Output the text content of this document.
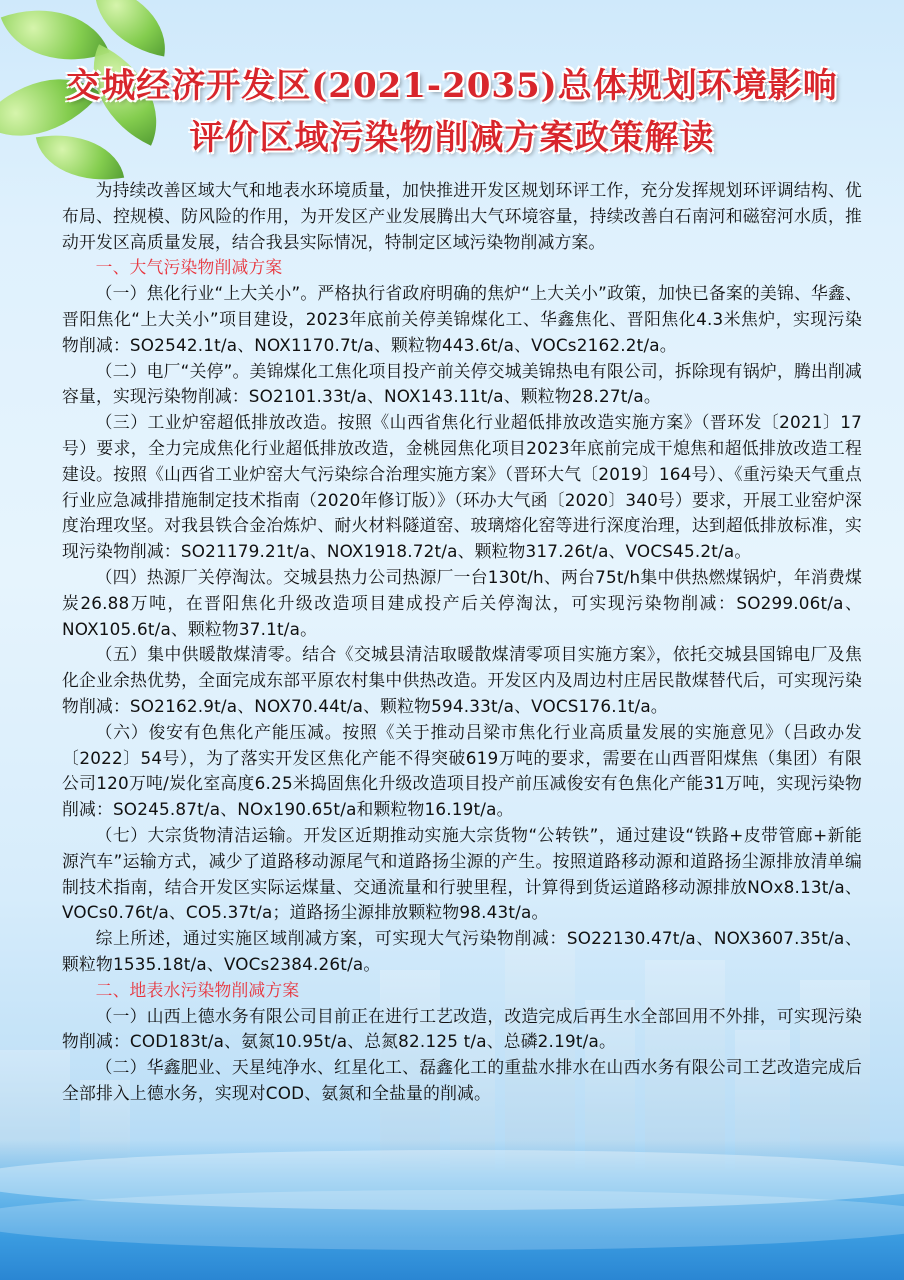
交城经济开发区(2021-2035)总体规划环境影响
评价区域污染物削减方案政策解读

为持续改善区域大气和地表水环境质量，加快推进开发区规划环评工作，充分发挥规划环评调结构、优布局、控规模、防风险的作用，为开发区产业发展腾出大气环境容量，持续改善白石南河和磁窑河水质，推动开发区高质量发展，结合我县实际情况，特制定区域污染物削减方案。

一、大气污染物削减方案

（一）焦化行业“上大关小”。严格执行省政府明确的焦炉“上大关小”政策，加快已备案的美锦、华鑫、晋阳焦化“上大关小”项目建设，2023年底前关停美锦煤化工、华鑫焦化、晋阳焦化4.3米焦炉，实现污染物削减：SO2542.1t/a、NOX1170.7t/a、颗粒物443.6t/a、VOCs2162.2t/a。

（二）电厂“关停”。美锦煤化工焦化项目投产前关停交城美锦热电有限公司，拆除现有锅炉，腾出削减容量，实现污染物削减：SO2101.33t/a、NOX143.11t/a、颗粒物28.27t/a。

（三）工业炉窑超低排放改造。按照《山西省焦化行业超低排放改造实施方案》（晋环发〔2021〕17号）要求，全力完成焦化行业超低排放改造，金桃园焦化项目2023年底前完成干熄焦和超低排放改造工程建设。按照《山西省工业炉窑大气污染综合治理实施方案》（晋环大气〔2019〕164号）、《重污染天气重点行业应急减排措施制定技术指南（2020年修订版）》（环办大气函〔2020〕340号）要求，开展工业窑炉深度治理攻坚。对我县铁合金冶炼炉、耐火材料隧道窑、玻璃熔化窑等进行深度治理，达到超低排放标准，实现污染物削减：SO21179.21t/a、NOX1918.72t/a、颗粒物317.26t/a、VOCS45.2t/a。

（四）热源厂关停淘汰。交城县热力公司热源厂一台130t/h、两台75t/h集中供热燃煤锅炉，年消费煤炭26.88万吨，在晋阳焦化升级改造项目建成投产后关停淘汰，可实现污染物削减：SO299.06t/a、NOX105.6t/a、颗粒物37.1t/a。

（五）集中供暖散煤清零。结合《交城县清洁取暖散煤清零项目实施方案》，依托交城县国锦电厂及焦化企业余热优势，全面完成东部平原农村集中供热改造。开发区内及周边村庄居民散煤替代后，可实现污染物削减：SO2162.9t/a、NOX70.44t/a、颗粒物594.33t/a、VOCS176.1t/a。

（六）俊安有色焦化产能压减。按照《关于推动吕梁市焦化行业高质量发展的实施意见》（吕政办发〔2022〕54号），为了落实开发区焦化产能不得突破619万吨的要求，需要在山西晋阳煤焦（集团）有限公司120万吨/炭化室高度6.25米捣固焦化升级改造项目投产前压减俊安有色焦化产能31万吨，实现污染物削减：SO245.87t/a、NOx190.65t/a和颗粒物16.19t/a。

（七）大宗货物清洁运输。开发区近期推动实施大宗货物“公转铁”，通过建设“铁路+皮带管廊+新能源汽车”运输方式，减少了道路移动源尾气和道路扬尘源的产生。按照道路移动源和道路扬尘源排放清单编制技术指南，结合开发区实际运煤量、交通流量和行驶里程，计算得到货运道路移动源排放NOx8.13t/a、VOCs0.76t/a、CO5.37t/a；道路扬尘源排放颗粒物98.43t/a。

综上所述，通过实施区域削减方案，可实现大气污染物削减：SO22130.47t/a、NOX3607.35t/a、颗粒物1535.18t/a、VOCs2384.26t/a。

二、地表水污染物削减方案

（一）山西上德水务有限公司目前正在进行工艺改造，改造完成后再生水全部回用不外排，可实现污染物削减：COD183t/a、氨氮10.95t/a、总氮82.125 t/a、总磷2.19t/a。

（二）华鑫肥业、天星纯净水、红星化工、磊鑫化工的重盐水排水在山西水务有限公司工艺改造完成后全部排入上德水务，实现对COD、氨氮和全盐量的削减。
